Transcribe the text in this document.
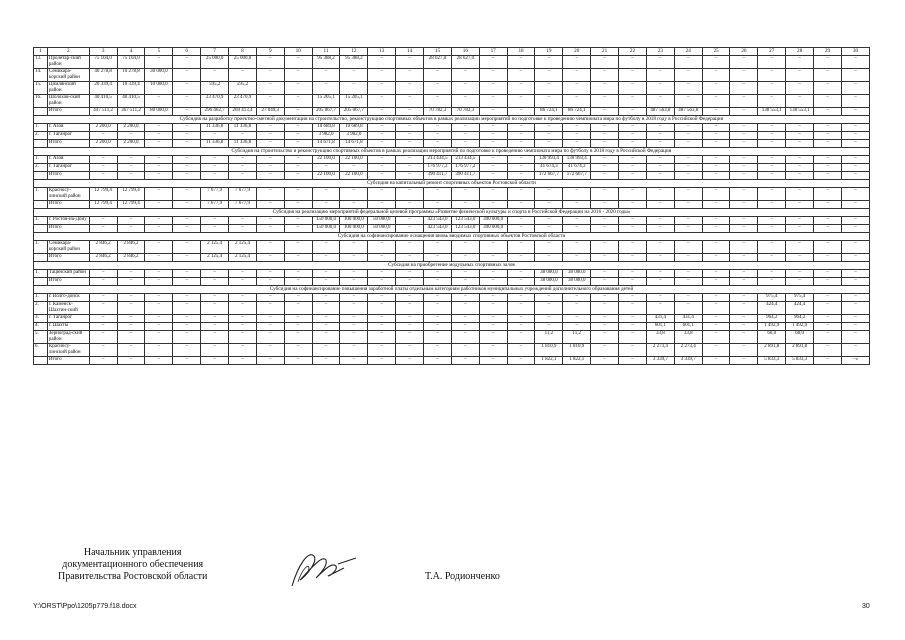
1	2	3	4	5	6	7	8	9	10	11	12	13	14	15	16	17	18	19	20	21	22	23	24	25	26	27	28	29	30
13.	Пролетар-ский район	75 104,0	75 104,0	–	–	25 000,0	25 000,0	–	–	95 388,2	95 388,2	–	–	28 627,0	28 627,0	–	–	–	–	–	–	–	–	–	–	–	–	–	–
14.	Семикара-корский район	40 278,8	10 278,8	30 000,0	–	–	–	–	–	–	–	–	–	–	–	–	–	–	–	–	–	–	–	–	–	–	–	–	–
15.	Цимлянский район	20 339,4	10 339,4	10 000,0	–	595,2	595,2	–	–	–	–	–	–	–	–	–	–	–	–	–	–	–	–	–	–	–	–	–	–
16.	Шолохов-ский район	40 410,5	40 410,5	–	–	23 470,9	23 470,9	–	–	15 205,1	15 205,1	–	–	–	–	–	–	–	–	–	–	–	–	–	–	–	–	–	–
	Итого	447 511,2	367 511,2	80 000,0	–	296 462,7	269 413,4	27 049,3	–	205 067,7	205 067,7	–	–	70 782,3	70 782,3	–	–	86 724,1	86 724,1	–	–	487 563,8	487 563,8	–	–	138 553,1	138 553,1	–	–
Субсидия на разработку проектно-сметной документации на строительство, реконструкцию спортивных объектов в рамках реализации мероприятий по подготовке к проведению чемпионата мира по футболу в 2018 году в Российской Федерации																													
1.	г. Азов	2 200,0	2 200,0	–	–	11 336,8	11 336,8	–	–	10 689,8	10 689,8	–	–	–	–	–	–	–	–	–	–	–	–	–	–	–	–	–	–
2.	г. Таганрог	–	–	–	–	–	–	–	–	3 982,0	3 982,0	–	–	–	–	–	–	–	–	–	–	–	–	–	–	–	–	–	–
	Итого	2 200,0	2 200,0	–	–	11 336,8	11 336,8	–	–	14 671,8	14 671,8	–	–	–	–	–	–	–	–	–	–	–	–	–	–	–	–	–	–
Субсидия на строительство и реконструкцию спортивных объектов в рамках реализации мероприятий по подготовке к проведению чемпионата мира по футболу в 2018 году в Российской Федерации																													
1.	г. Азов	–	–	–	–	–	–	–	–	22 100,0	22 100,0	–	–	213 434,5	213 434,5	–	–	130 993,4	130 993,4	–	–	–	–	–	–	–	–	–	–
2.	г. Таганрог	–	–	–	–	–	–	–	–	–	–	–	–	176 977,2	176 977,2	–	–	41 674,3	41 674,3	–	–	–	–	–	–	–	–	–	–
	Итого	–	–	–	–	–	–	–	–	22 100,0	22 100,0	–	–	390 411,7	390 411,7	–	–	172 667,7	172 667,7	–	–	–	–	–	–	–	–	–	–
Субсидия на капитальный ремонт спортивных объектов Ростовской области																													
1.	Красносу-линский район	12 799,4	12 799,4	–	–	7 677,9	7 677,9	–	–	–	–	–	–	–	–	–	–	–	–	–	–	–	–	–	–	–	–	–	–
	Итого	12 799,4	12 799,4	–	–	7 677,9	7 677,9	–	–	–	–	–	–	–	–	–	–	–	–	–	–	–	–	–	–	–	–	–	–
Субсидия на реализацию мероприятий федеральной целевой программы «Развитие физической культуры и спорта в Российской Федерации на 2016 - 2020 годы»																													
1.	г. Ростов-на-Дону	–	–	–	–	–	–	–	–	150 000,0	100 000,0	50 000,0	–	423 543,0	123 543,0	300 000,0	–	–	–	–	–	–	–	–	–	–	–	–	–
	Итого	–	–	–	–	–	–	–	–	150 000,0	100 000,0	50 000,0	–	423 543,0	123 543,0	300 000,0	–	–	–	–	–	–	–	–	–	–	–	–	–
Субсидия на софинансирование оснащения вновь вводимых спортивных объектов Ростовской области																													
1.	Семикара-корский район	2 846,2	2 846,2	–	–	2 125,4	2 125,4	–	–	–	–	–	–	–	–	–	–	–	–	–	–	–	–	–	–	–	–	–	–
	Итого	2 846,2	2 846,2	–	–	2 125,4	2 125,4	–	–	–	–	–	–	–	–	–	–	–	–	–	–	–	–	–	–	–	–	–	–
Субсидия на приобретение модульных спортивных залов																													
1.	Тацинский район	–	–	–	–	–	–	–	–	–	–	–	–	–	–	–	–	38 000,0	38 000,0	–	–	–	–	–	–	–	–	–	–
	Итого	–	–	–	–	–	–	–	–	–	–	–	–	–	–	–	–	38 000,0	38 000,0	–	–	–	–	–	–	–	–	–	–
Субсидия на софинансирование повышения заработной платы отдельным категориям работников муниципальных учреждений дополнительного образования детей																													
1.	г. Волго-донск	–	–	–	–	–	–	–	–	–	–	–	–	–	–	–	–	–	–	–	–	–	–	–	–	975,4	975,4	–	–
2.	г. Каменск-Шахтин-ский	–	–	–	–	–	–	–	–	–	–	–	–	–	–	–	–	–	–	–	–	–	–	–	–	424,4	424,4	–	–
3.	г. Таганрог	–	–	–	–	–	–	–	–	–	–	–	–	–	–	–	–	–	–	–	–	431,4	431,4	–	–	964,2	964,2	–	–
4.	г. Шахты	–	–	–	–	–	–	–	–	–	–	–	–	–	–	–	–	–	–	–	–	601,1	601,1	–	–	1 492,9	1 492,9	–	–
5.	Зерноград-ский район	–	–	–	–	–	–	–	–	–	–	–	–	–	–	–	–	11,2	11,2	–	–	33,8	33,8	–	–	60,0	60,0	–	–
6.	Красносу-линский район	–	–	–	–	–	–	–	–	–	–	–	–	–	–	–	–	1 810,9	1 810,9	–	–	2 273,4	2 273,4	–	–	2 891,8	2 891,8	–	–
	Итого	–	–	–	–	–	–	–	–	–	–	–	–	–	–	–	–	1 822,1	1 822,1	–	–	3 339,7	3 339,7	–	–	5 833,3	5 833,3	–	–»
Начальник управления
документационного обеспечения
Правительства Ростовской области	Т.А. Родионченко
Y:\ORST\Ppo\1205p779.f18.docx	30
